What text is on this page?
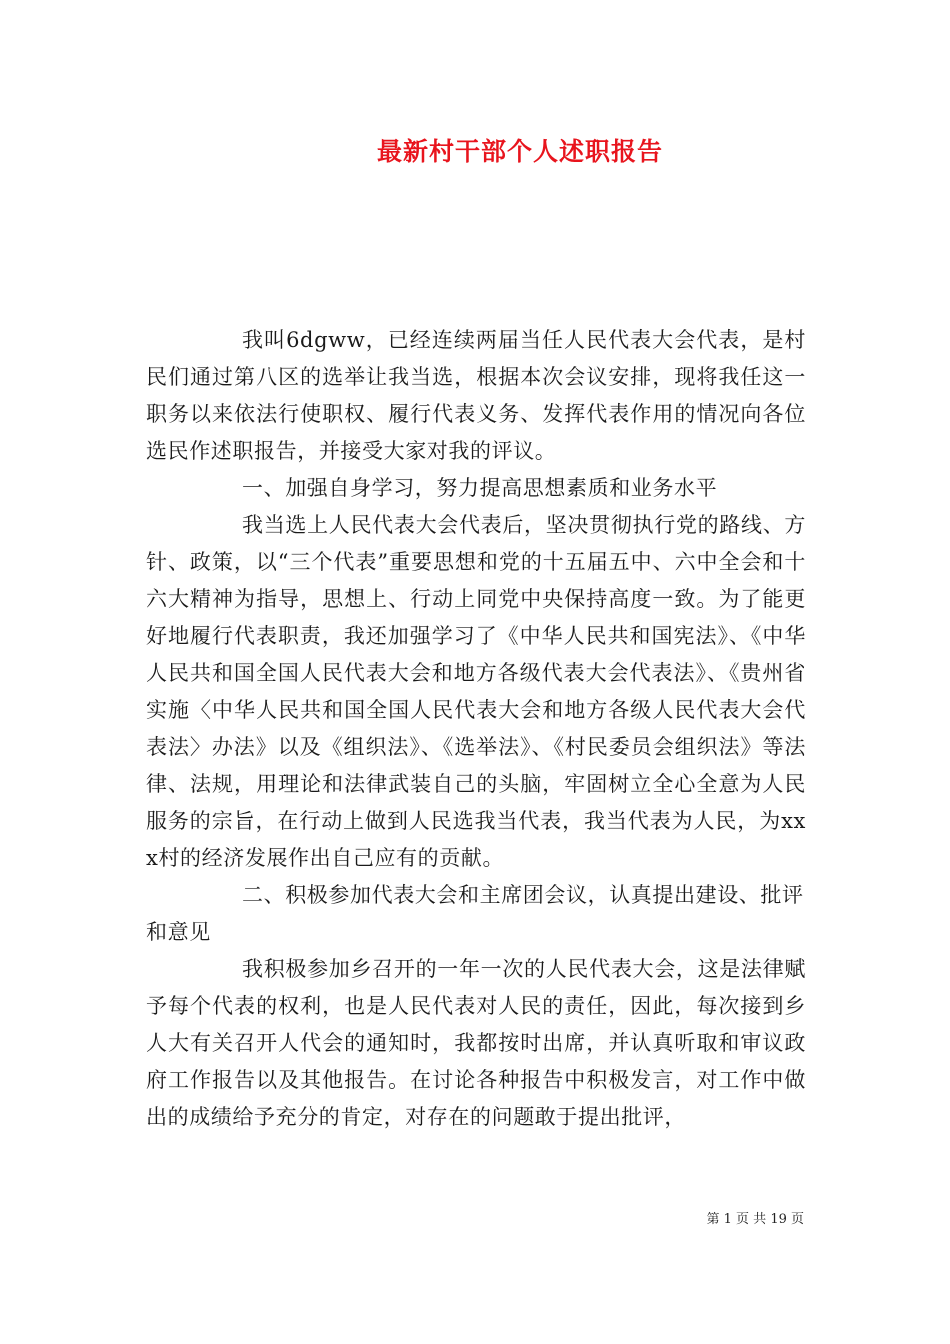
最新村干部个人述职报告

我叫6dgww，已经连续两届当任人民代表大会代表，是村民们通过第八区的选举让我当选，根据本次会议安排，现将我任这一职务以来依法行使职权、履行代表义务、发挥代表作用的情况向各位选民作述职报告，并接受大家对我的评议。

一、加强自身学习，努力提高思想素质和业务水平

我当选上人民代表大会代表后，坚决贯彻执行党的路线、方针、政策，以“三个代表”重要思想和党的十五届五中、六中全会和十六大精神为指导，思想上、行动上同党中央保持高度一致。为了能更好地履行代表职责，我还加强学习了《中华人民共和国宪法》、《中华人民共和国全国人民代表大会和地方各级代表大会代表法》、《贵州省实施〈中华人民共和国全国人民代表大会和地方各级人民代表大会代表法〉办法》以及《组织法》、《选举法》、《村民委员会组织法》等法律、法规，用理论和法律武装自己的头脑，牢固树立全心全意为人民服务的宗旨，在行动上做到人民选我当代表，我当代表为人民，为xxx村的经济发展作出自己应有的贡献。

二、积极参加代表大会和主席团会议，认真提出建设、批评和意见

我积极参加乡召开的一年一次的人民代表大会，这是法律赋予每个代表的权利，也是人民代表对人民的责任，因此，每次接到乡人大有关召开人代会的通知时，我都按时出席，并认真听取和审议政府工作报告以及其他报告。在讨论各种报告中积极发言，对工作中做出的成绩给予充分的肯定，对存在的问题敢于提出批评，

第 1 页 共 19 页
